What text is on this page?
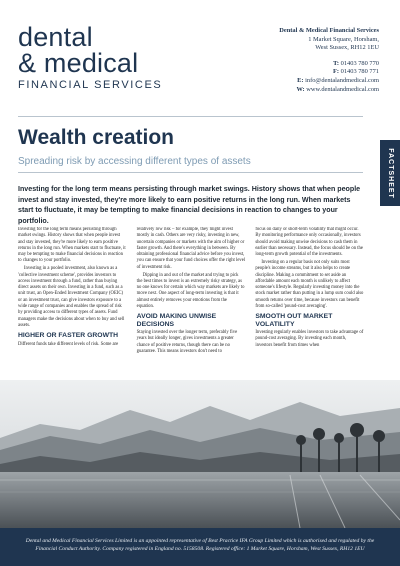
dental
& medical
FINANCIAL SERVICES
Dental & Medical Financial Services
1 Market Square, Horsham,
West Sussex, RH12 1EU
T: 01403 780 770
F: 01403 780 771
E: info@dentalandmedical.com
W: www.dentalandmedical.com
Wealth creation
Spreading risk by accessing different types of assets	FACTSHEET

Investing for the long term means persisting through market swings. History shows that when people invest and stay invested, they're more likely to earn positive returns in the long run. When markets start to fluctuate, it may be tempting to make financial decisions in reaction to changes to your portfolio.

Investing for the long term means persisting through market swings. History shows that when people invest and stay invested, they're more likely to earn positive returns in the long run. When markets start to fluctuate, it may be tempting to make financial decisions in reaction to changes to your portfolio.

Investing in a pooled investment, also known as a 'collective investment scheme', provides investors to access investment through a fund, rather than buying direct assets on their own. Investing in a fund, such as a unit trust, an Open-Ended Investment Company (OEIC) or an investment trust, can give investors exposure to a wide range of companies and enables the spread of risk by providing access to different types of assets. Fund managers make the decisions about when to buy and sell assets.

HIGHER OR FASTER GROWTH

Different funds take different levels of risk. Some are

relatively low risk – for example, they might invest mostly in cash. Others are very risky, investing in new, uncertain companies or markets with the aim of higher or faster growth. And there's everything in between. By obtaining professional financial advice before you invest, you can ensure that your fund choices offer the right level of investment risk.

Dipping in and out of the market and trying to pick the best times to invest is an extremely risky strategy, as no one knows for certain which way markets are likely to move next. One aspect of long-term investing is that it almost entirely removes your emotions from the equation.

AVOID MAKING UNWISE DECISIONS

Staying invested over the longer term, preferably five years but ideally longer, gives investments a greater chance of positive returns, though there can be no guarantee. This means investors don't need to

focus on daily or short-term volatility that might occur. By monitoring performance only occasionally, investors should avoid making unwise decisions to cash them in earlier than necessary. Instead, the focus should be on the long-term growth potential of the investments.

Investing on a regular basis not only suits most people's income streams, but it also helps to create discipline. Making a commitment to set aside an affordable amount each month is unlikely to affect someone's lifestyle. Regularly investing money into the stock market rather than putting in a lump sum could also smooth returns over time, because investors can benefit from so-called 'pound-cost averaging'.

SMOOTH OUT MARKET VOLATILITY

Investing regularly enables investors to take advantage of pound-cost averaging. By investing each month, investors benefit from times when

Dental and Medical Financial Services Limited is an appointed representative of Best Practice IFA Group Limited which is authorised and regulated by the
Financial Conduct Authority. Company registered in England no. 5158508. Registered office: 1 Market Square, Horsham, West Sussex, RH12 1EU
